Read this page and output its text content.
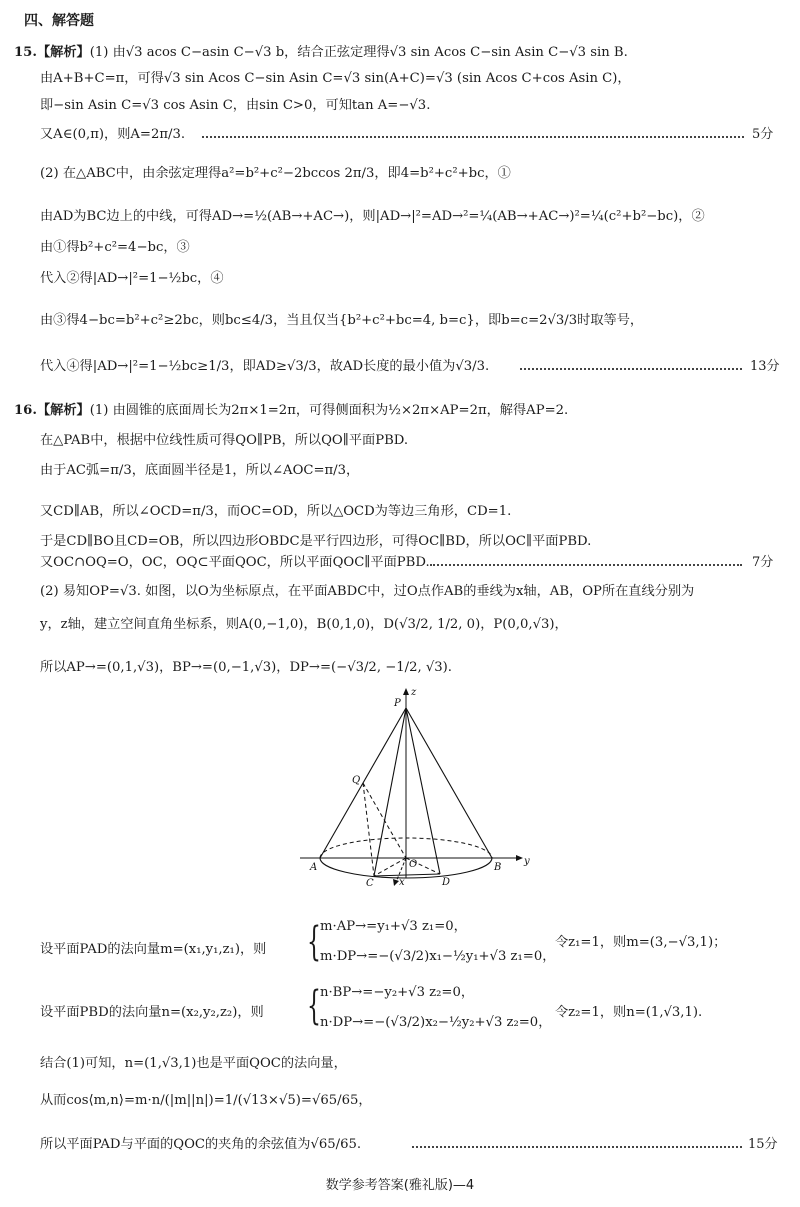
四、解答题
15.【解析】(1) 由√3 acos C−asin C−√3 b，结合正弦定理得√3 sin Acos C−sin Asin C−√3 sin B.
由A+B+C=π，可得√3 sin Acos C−sin Asin C=√3 sin(A+C)=√3 (sin Acos C+cos Asin C)，
即−sin Asin C=√3 cos Asin C，由sin C>0，可知tan A=−√3.
又A∈(0,π)，则A=2π/3.	5分
(2) 在△ABC中，由余弦定理得a²=b²+c²−2bccos 2π/3，即4=b²+c²+bc，①
由AD为BC边上的中线，可得AD→=½(AB→+AC→)，则|AD→|²=AD→²=¼(AB→+AC→)²=¼(c²+b²−bc)，②
由①得b²+c²=4−bc，③
代入②得|AD→|²=1−½bc，④
由③得4−bc=b²+c²≥2bc，则bc≤4/3，当且仅当{b²+c²+bc=4, b=c}，即b=c=2√3/3时取等号，
代入④得|AD→|²=1−½bc≥1/3，即AD≥√3/3，故AD长度的最小值为√3/3.	13分
16.【解析】(1) 由圆锥的底面周长为2π×1=2π，可得侧面积为½×2π×AP=2π，解得AP=2.
在△PAB中，根据中位线性质可得QO∥PB，所以QO∥平面PBD.
由于AC弧=π/3，底面圆半径是1，所以∠AOC=π/3，
又CD∥AB，所以∠OCD=π/3，而OC=OD，所以△OCD为等边三角形，CD=1.
于是CD∥BO且CD=OB，所以四边形OBDC是平行四边形，可得OC∥BD，所以OC∥平面PBD.
又OC∩OQ=O，OC，OQ⊂平面QOC，所以平面QOC∥平面PBD.	7分
(2) 易知OP=√3. 如图，以O为坐标原点，在平面ABDC中，过O点作AB的垂线为x轴，AB，OP所在直线分别为
y，z轴，建立空间直角坐标系，则A(0,−1,0)，B(0,1,0)，D(√3/2, 1/2, 0)，P(0,0,√3)，
所以AP→=(0,1,√3)，BP→=(0,−1,√3)，DP→=(−√3/2, −1/2, √3).
z
P
Q
O
A	B
C	D
y
x
设平面PAD的法向量m=(x₁,y₁,z₁)，则 { m·AP→=y₁+√3 z₁=0，
m·DP→=−(√3/2)x₁−½y₁+√3 z₁=0，
令z₁=1，则m=(3,−√3,1)；
设平面PBD的法向量n=(x₂,y₂,z₂)，则 { n·BP→=−y₂+√3 z₂=0，
n·DP→=−(√3/2)x₂−½y₂+√3 z₂=0，
令z₂=1，则n=(1,√3,1).
结合(1)可知，n=(1,√3,1)也是平面QOC的法向量，
从而cos⟨m,n⟩=m·n/(|m||n|)=1/(√13×√5)=√65/65，
所以平面PAD与平面的QOC的夹角的余弦值为√65/65.	15分
数学参考答案(雅礼版)—4
